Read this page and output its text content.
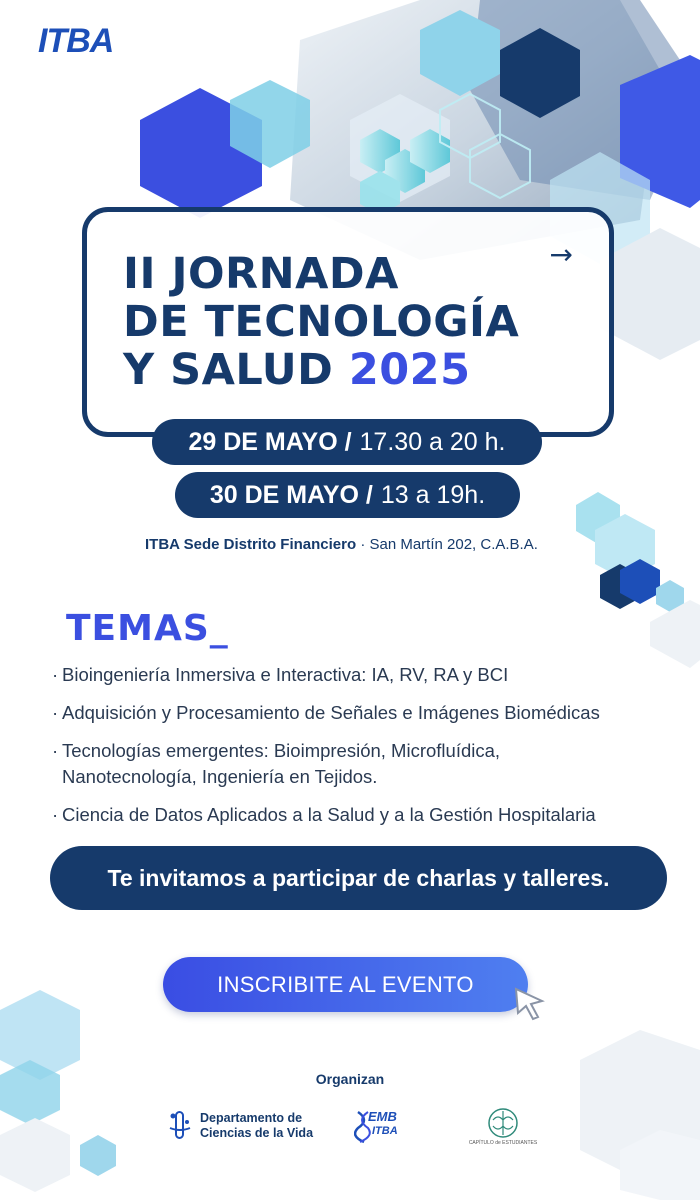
ITBA
II JORNADA
DE TECNOLOGÍA
Y SALUD 2025
→
29 DE MAYO / 17.30 a 20 h.
30 DE MAYO / 13 a 19h.
ITBA Sede Distrito Financiero · San Martín 202, C.A.B.A.
TEMAS_
· Bioingeniería Inmersiva e Interactiva: IA, RV, RA y BCI
· Adquisición y Procesamiento de Señales e Imágenes Biomédicas
· Tecnologías emergentes: Bioimpresión, Microfluídica, Nanotecnología, Ingeniería en Tejidos.
· Ciencia de Datos Aplicados a la Salud y a la Gestión Hospitalaria
Te invitamos a participar de charlas y talleres.
INSCRIBITE AL EVENTO
Organizan
Departamento de
Ciencias de la Vida
EMB
ITBA
CAPÍTULO de ESTUDIANTES
